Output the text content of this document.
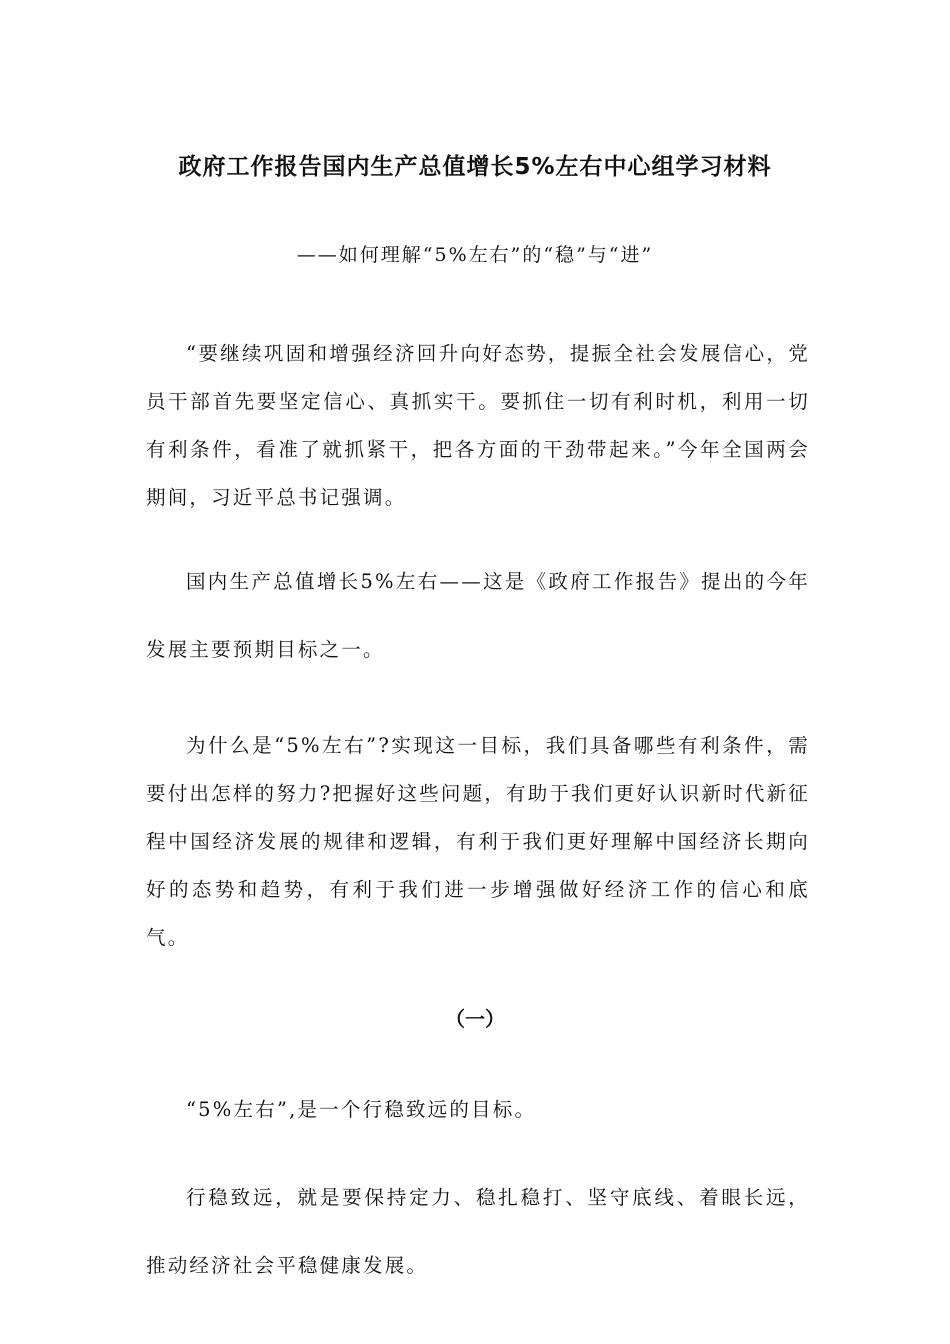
政府工作报告国内生产总值增长5%左右中心组学习材料
——如何理解“5%左右”的“稳”与“进”

“要继续巩固和增强经济回升向好态势，提振全社会发展信心，党员干部首先要坚定信心、真抓实干。要抓住一切有利时机，利用一切有利条件，看准了就抓紧干，把各方面的干劲带起来。”今年全国两会期间，习近平总书记强调。

国内生产总值增长5%左右——这是《政府工作报告》提出的今年发展主要预期目标之一。

为什么是“5%左右”?实现这一目标，我们具备哪些有利条件，需要付出怎样的努力?把握好这些问题，有助于我们更好认识新时代新征程中国经济发展的规律和逻辑，有利于我们更好理解中国经济长期向好的态势和趋势，有利于我们进一步增强做好经济工作的信心和底气。

（一）

“5%左右”,是一个行稳致远的目标。

行稳致远，就是要保持定力、稳扎稳打、坚守底线、着眼长远，推动经济社会平稳健康发展。
